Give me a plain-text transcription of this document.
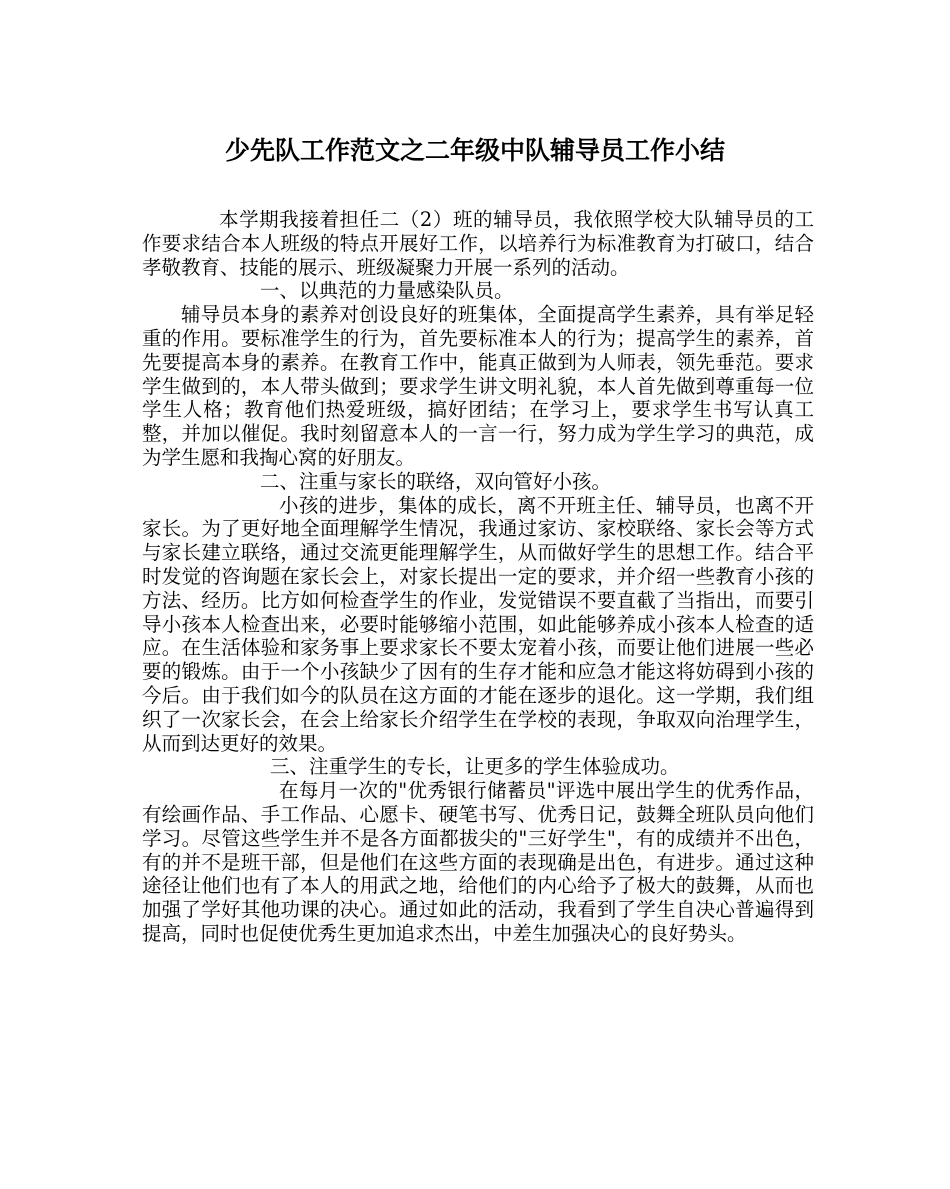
少先队工作范文之二年级中队辅导员工作小结

本学期我接着担任二（2）班的辅导员，我依照学校大队辅导员的工作要求结合本人班级的特点开展好工作，以培养行为标准教育为打破口，结合孝敬教育、技能的展示、班级凝聚力开展一系列的活动。

一、以典范的力量感染队员。

辅导员本身的素养对创设良好的班集体，全面提高学生素养，具有举足轻重的作用。要标准学生的行为，首先要标准本人的行为；提高学生的素养，首先要提高本身的素养。在教育工作中，能真正做到为人师表，领先垂范。要求学生做到的，本人带头做到；要求学生讲文明礼貌，本人首先做到尊重每一位学生人格；教育他们热爱班级，搞好团结；在学习上，要求学生书写认真工整，并加以催促。我时刻留意本人的一言一行，努力成为学生学习的典范，成为学生愿和我掏心窝的好朋友。

二、注重与家长的联络，双向管好小孩。

小孩的进步，集体的成长，离不开班主任、辅导员，也离不开家长。为了更好地全面理解学生情况，我通过家访、家校联络、家长会等方式与家长建立联络，通过交流更能理解学生，从而做好学生的思想工作。结合平时发觉的咨询题在家长会上，对家长提出一定的要求，并介绍一些教育小孩的方法、经历。比方如何检查学生的作业，发觉错误不要直截了当指出，而要引导小孩本人检查出来，必要时能够缩小范围，如此能够养成小孩本人检查的适应。在生活体验和家务事上要求家长不要太宠着小孩，而要让他们进展一些必要的锻炼。由于一个小孩缺少了因有的生存才能和应急才能这将妨碍到小孩的今后。由于我们如今的队员在这方面的才能在逐步的退化。这一学期，我们组织了一次家长会，在会上给家长介绍学生在学校的表现，争取双向治理学生，从而到达更好的效果。

三、注重学生的专长，让更多的学生体验成功。

在每月一次的"优秀银行储蓄员"评选中展出学生的优秀作品，有绘画作品、手工作品、心愿卡、硬笔书写、优秀日记，鼓舞全班队员向他们学习。尽管这些学生并不是各方面都拔尖的"三好学生"，有的成绩并不出色，有的并不是班干部，但是他们在这些方面的表现确是出色，有进步。通过这种途径让他们也有了本人的用武之地，给他们的内心给予了极大的鼓舞，从而也加强了学好其他功课的决心。通过如此的活动，我看到了学生自决心普遍得到提高，同时也促使优秀生更加追求杰出，中差生加强决心的良好势头。
